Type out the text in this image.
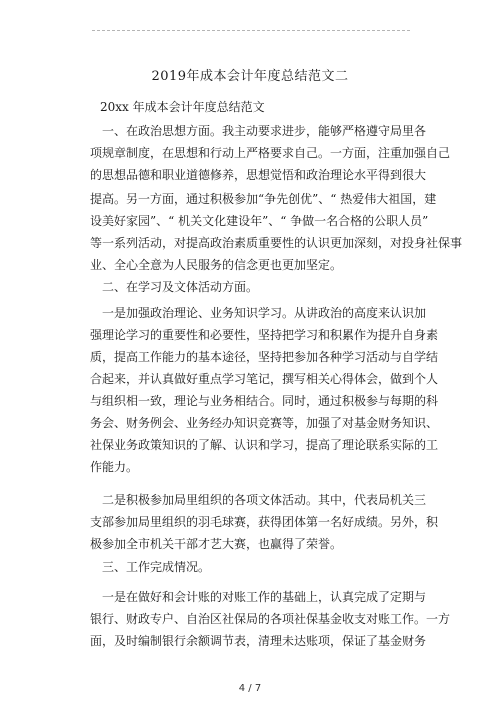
2019年成本会计年度总结范文二
20xx 年成本会计年度总结范文
一、在政治思想方面。我主动要求进步，能够严格遵守局里各
项规章制度，在思想和行动上严格要求自己。一方面，注重加强自己
的思想品德和职业道德修养，思想觉悟和政治理论水平得到很大
提高。另一方面，通过积极参加“争先创优”、“ 热爱伟大祖国，建
设美好家园”、“ 机关文化建设年”、“ 争做一名合格的公职人员”
等一系列活动，对提高政治素质重要性的认识更加深刻，对投身社保事
业、全心全意为人民服务的信念更也更加坚定。
二、在学习及文体活动方面。
一是加强政治理论、业务知识学习。从讲政治的高度来认识加
强理论学习的重要性和必要性，坚持把学习和积累作为提升自身素
质，提高工作能力的基本途径，坚持把参加各种学习活动与自学结
合起来，并认真做好重点学习笔记，撰写相关心得体会，做到个人
与组织相一致，理论与业务相结合。同时，通过积极参与每期的科
务会、财务例会、业务经办知识竞赛等，加强了对基金财务知识、
社保业务政策知识的了解、认识和学习，提高了理论联系实际的工
作能力。
二是积极参加局里组织的各项文体活动。其中，代表局机关三
支部参加局里组织的羽毛球赛，获得团体第一名好成绩。另外，积
极参加全市机关干部才艺大赛，也赢得了荣誉。
三、工作完成情况。
一是在做好和会计账的对账工作的基础上，认真完成了定期与
银行、财政专户、自治区社保局的各项社保基金收支对账工作。一方
面，及时编制银行余额调节表，清理未达账项，保证了基金财务
4 / 7
